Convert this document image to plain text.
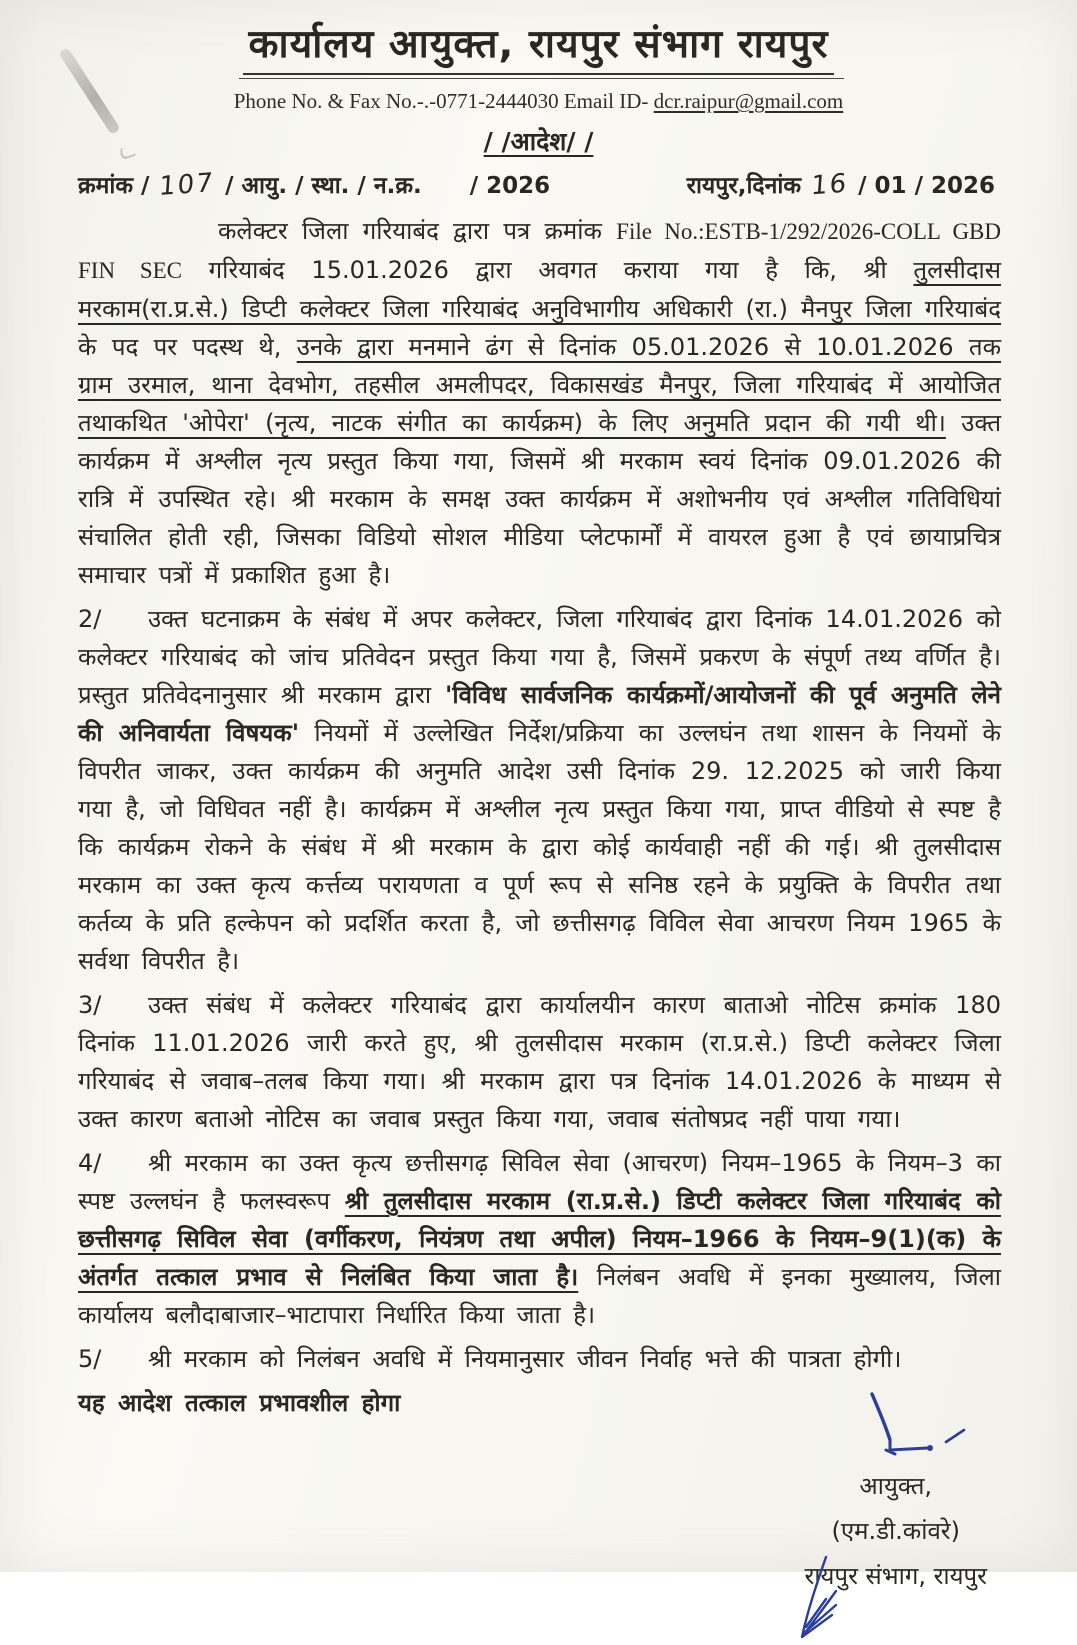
कार्यालय आयुक्त, रायपुर संभाग रायपुर
Phone No. & Fax No.-.-0771-2444030 Email ID- dcr.raipur@gmail.com
/ /आदेश/ /
क्रमांक / 107 / आयु. / स्था. / न.क्र. / 2026	रायपुर,दिनांक 16 / 01 / 2026
कलेक्टर जिला गरियाबंद द्वारा पत्र क्रमांक File No.:ESTB-1/292/2026-COLL GBD FIN SEC गरियाबंद 15.01.2026 द्वारा अवगत कराया गया है कि, श्री तुलसीदास मरकाम(रा.प्र.से.) डिप्टी कलेक्टर जिला गरियाबंद अनुविभागीय अधिकारी (रा.) मैनपुर जिला गरियाबंद के पद पर पदस्थ थे, उनके द्वारा मनमाने ढंग से दिनांक 05.01.2026 से 10.01.2026 तक ग्राम उरमाल, थाना देवभोग, तहसील अमलीपदर, विकासखंड मैनपुर, जिला गरियाबंद में आयोजित तथाकथित 'ओपेरा' (नृत्य, नाटक संगीत का कार्यक्रम) के लिए अनुमति प्रदान की गयी थी। उक्त कार्यक्रम में अश्लील नृत्य प्रस्तुत किया गया, जिसमें श्री मरकाम स्वयं दिनांक 09.01.2026 की रात्रि में उपस्थित रहे। श्री मरकाम के समक्ष उक्त कार्यक्रम में अशोभनीय एवं अश्लील गतिविधियां संचालित होती रही, जिसका विडियो सोशल मीडिया प्लेटफार्मों में वायरल हुआ है एवं छायाप्रचित्र समाचार पत्रों में प्रकाशित हुआ है।
2/ उक्त घटनाक्रम के संबंध में अपर कलेक्टर, जिला गरियाबंद द्वारा दिनांक 14.01.2026 को कलेक्टर गरियाबंद को जांच प्रतिवेदन प्रस्तुत किया गया है, जिसमें प्रकरण के संपूर्ण तथ्य वर्णित है। प्रस्तुत प्रतिवेदनानुसार श्री मरकाम द्वारा 'विविध सार्वजनिक कार्यक्रमों/आयोजनों की पूर्व अनुमति लेने की अनिवार्यता विषयक' नियमों में उल्लेखित निर्देश/प्रक्रिया का उल्लघंन तथा शासन के नियमों के विपरीत जाकर, उक्त कार्यक्रम की अनुमति आदेश उसी दिनांक 29. 12.2025 को जारी किया गया है, जो विधिवत नहीं है। कार्यक्रम में अश्लील नृत्य प्रस्तुत किया गया, प्राप्त वीडियो से स्पष्ट है कि कार्यक्रम रोकने के संबंध में श्री मरकाम के द्वारा कोई कार्यवाही नहीं की गई। श्री तुलसीदास मरकाम का उक्त कृत्य कर्त्तव्य परायणता व पूर्ण रूप से सनिष्ठ रहने के प्रयुक्ति के विपरीत तथा कर्तव्य के प्रति हल्केपन को प्रदर्शित करता है, जो छत्तीसगढ़ विविल सेवा आचरण नियम 1965 के सर्वथा विपरीत है।
3/ उक्त संबंध में कलेक्टर गरियाबंद द्वारा कार्यालयीन कारण बाताओ नोटिस क्रमांक 180 दिनांक 11.01.2026 जारी करते हुए, श्री तुलसीदास मरकाम (रा.प्र.से.) डिप्टी कलेक्टर जिला गरियाबंद से जवाब–तलब किया गया। श्री मरकाम द्वारा पत्र दिनांक 14.01.2026 के माध्यम से उक्त कारण बताओ नोटिस का जवाब प्रस्तुत किया गया, जवाब संतोषप्रद नहीं पाया गया।
4/ श्री मरकाम का उक्त कृत्य छत्तीसगढ़ सिविल सेवा (आचरण) नियम–1965 के नियम–3 का स्पष्ट उल्लघंन है फलस्वरूप श्री तुलसीदास मरकाम (रा.प्र.से.) डिप्टी कलेक्टर जिला गरियाबंद को छत्तीसगढ़ सिविल सेवा (वर्गीकरण, नियंत्रण तथा अपील) नियम–1966 के नियम–9(1)(क) के अंतर्गत तत्काल प्रभाव से निलंबित किया जाता है। निलंबन अवधि में इनका मुख्यालय, जिला कार्यालय बलौदाबाजार–भाटापारा निर्धारित किया जाता है।
5/ श्री मरकाम को निलंबन अवधि में नियमानुसार जीवन निर्वाह भत्ते की पात्रता होगी।
यह आदेश तत्काल प्रभावशील होगा
आयुक्त,
(एम.डी.कांवरे)
रायपुर संभाग, रायपुर
